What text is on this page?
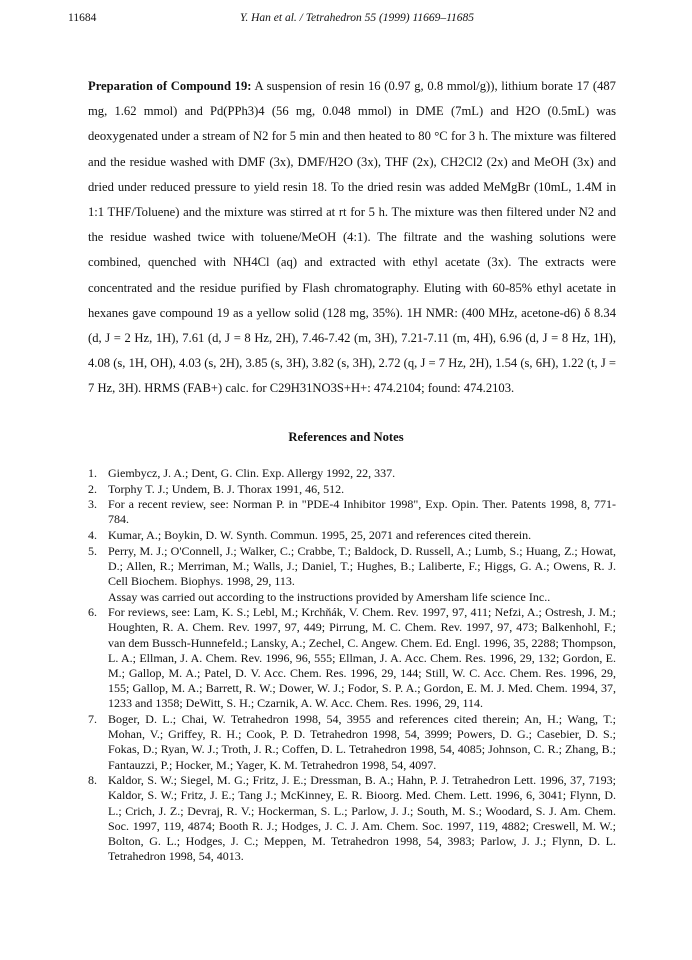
11684	Y. Han et al. / Tetrahedron 55 (1999) 11669–11685
Preparation of Compound 19: A suspension of resin 16 (0.97 g, 0.8 mmol/g)), lithium borate 17 (487 mg, 1.62 mmol) and Pd(PPh3)4 (56 mg, 0.048 mmol) in DME (7mL) and H2O (0.5mL) was deoxygenated under a stream of N2 for 5 min and then heated to 80 °C for 3 h. The mixture was filtered and the residue washed with DMF (3x), DMF/H2O (3x), THF (2x), CH2Cl2 (2x) and MeOH (3x) and dried under reduced pressure to yield resin 18. To the dried resin was added MeMgBr (10mL, 1.4M in 1:1 THF/Toluene) and the mixture was stirred at rt for 5 h. The mixture was then filtered under N2 and the residue washed twice with toluene/MeOH (4:1). The filtrate and the washing solutions were combined, quenched with NH4Cl (aq) and extracted with ethyl acetate (3x). The extracts were concentrated and the residue purified by Flash chromatography. Eluting with 60-85% ethyl acetate in hexanes gave compound 19 as a yellow solid (128 mg, 35%). 1H NMR: (400 MHz, acetone-d6) δ 8.34 (d, J = 2 Hz, 1H), 7.61 (d, J = 8 Hz, 2H), 7.46-7.42 (m, 3H), 7.21-7.11 (m, 4H), 6.96 (d, J = 8 Hz, 1H), 4.08 (s, 1H, OH), 4.03 (s, 2H), 3.85 (s, 3H), 3.82 (s, 3H), 2.72 (q, J = 7 Hz, 2H), 1.54 (s, 6H), 1.22 (t, J = 7 Hz, 3H). HRMS (FAB+) calc. for C29H31NO3S+H+: 474.2104; found: 474.2103.
References and Notes
1. Giembycz, J. A.; Dent, G. Clin. Exp. Allergy 1992, 22, 337.
2. Torphy T. J.; Undem, B. J. Thorax 1991, 46, 512.
3. For a recent review, see: Norman P. in "PDE-4 Inhibitor 1998", Exp. Opin. Ther. Patents 1998, 8, 771-784.
4. Kumar, A.; Boykin, D. W. Synth. Commun. 1995, 25, 2071 and references cited therein.
5. Perry, M. J.; O'Connell, J.; Walker, C.; Crabbe, T.; Baldock, D. Russell, A.; Lumb, S.; Huang, Z.; Howat, D.; Allen, R.; Merriman, M.; Walls, J.; Daniel, T.; Hughes, B.; Laliberte, F.; Higgs, G. A.; Owens, R. J. Cell Biochem. Biophys. 1998, 29, 113.
Assay was carried out according to the instructions provided by Amersham life science Inc..
6. For reviews, see: Lam, K. S.; Lebl, M.; Krchňák, V. Chem. Rev. 1997, 97, 411; Nefzi, A.; Ostresh, J. M.; Houghten, R. A. Chem. Rev. 1997, 97, 449; Pirrung, M. C. Chem. Rev. 1997, 97, 473; Balkenhohl, F.; van dem Bussch-Hunnefeld.; Lansky, A.; Zechel, C. Angew. Chem. Ed. Engl. 1996, 35, 2288; Thompson, L. A.; Ellman, J. A. Chem. Rev. 1996, 96, 555; Ellman, J. A. Acc. Chem. Res. 1996, 29, 132; Gordon, E. M.; Gallop, M. A.; Patel, D. V. Acc. Chem. Res. 1996, 29, 144; Still, W. C. Acc. Chem. Res. 1996, 29, 155; Gallop, M. A.; Barrett, R. W.; Dower, W. J.; Fodor, S. P. A.; Gordon, E. M. J. Med. Chem. 1994, 37, 1233 and 1358; DeWitt, S. H.; Czarnik, A. W. Acc. Chem. Res. 1996, 29, 114.
7. Boger, D. L.; Chai, W. Tetrahedron 1998, 54, 3955 and references cited therein; An, H.; Wang, T.; Mohan, V.; Griffey, R. H.; Cook, P. D. Tetrahedron 1998, 54, 3999; Powers, D. G.; Casebier, D. S.; Fokas, D.; Ryan, W. J.; Troth, J. R.; Coffen, D. L. Tetrahedron 1998, 54, 4085; Johnson, C. R.; Zhang, B.; Fantauzzi, P.; Hocker, M.; Yager, K. M. Tetrahedron 1998, 54, 4097.
8. Kaldor, S. W.; Siegel, M. G.; Fritz, J. E.; Dressman, B. A.; Hahn, P. J. Tetrahedron Lett. 1996, 37, 7193; Kaldor, S. W.; Fritz, J. E.; Tang J.; McKinney, E. R. Bioorg. Med. Chem. Lett. 1996, 6, 3041; Flynn, D. L.; Crich, J. Z.; Devraj, R. V.; Hockerman, S. L.; Parlow, J. J.; South, M. S.; Woodard, S. J. Am. Chem. Soc. 1997, 119, 4874; Booth R. J.; Hodges, J. C. J. Am. Chem. Soc. 1997, 119, 4882; Creswell, M. W.; Bolton, G. L.; Hodges, J. C.; Meppen, M. Tetrahedron 1998, 54, 3983; Parlow, J. J.; Flynn, D. L. Tetrahedron 1998, 54, 4013.
